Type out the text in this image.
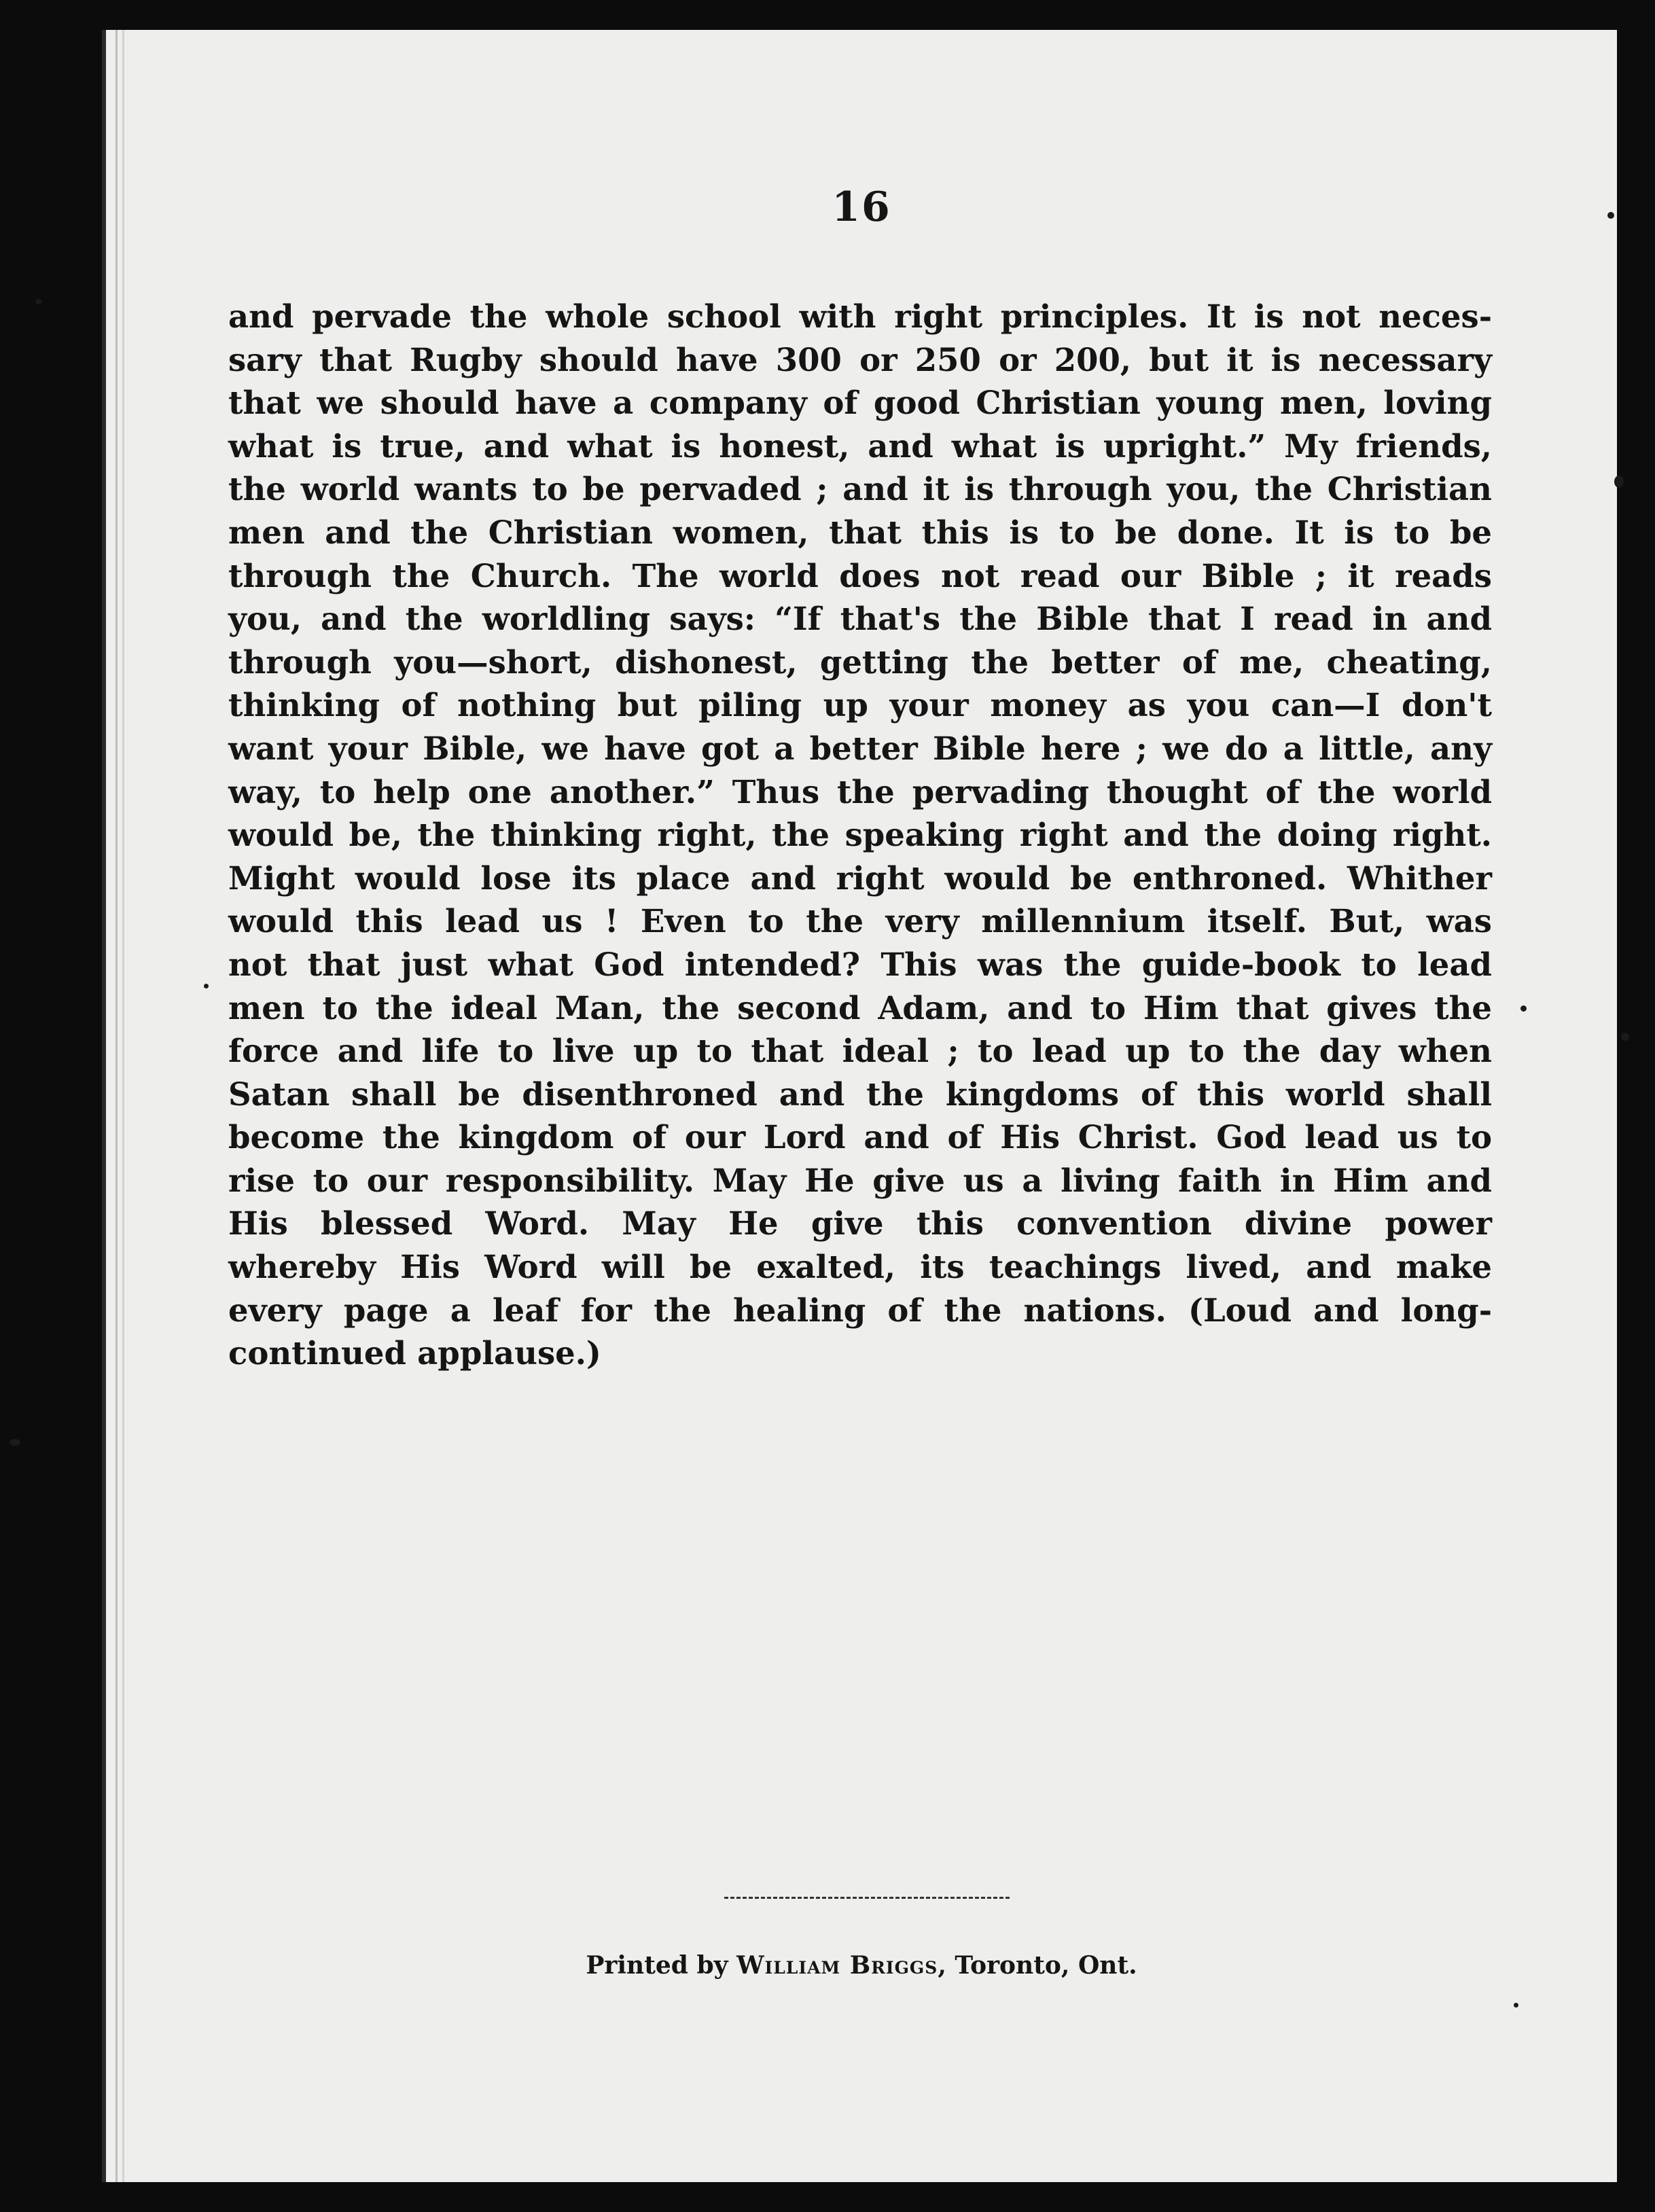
16
and pervade the whole school with right principles. It is not neces-
sary that Rugby should have 300 or 250 or 200, but it is necessary
that we should have a company of good Christian young men, loving
what is true, and what is honest, and what is upright.” My friends,
the world wants to be pervaded ; and it is through you, the Christian
men and the Christian women, that this is to be done. It is to be
through the Church. The world does not read our Bible ; it reads
you, and the worldling says: “If that's the Bible that I read in and
through you—short, dishonest, getting the better of me, cheating,
thinking of nothing but piling up your money as you can—I don't
want your Bible, we have got a better Bible here ; we do a little, any
way, to help one another.” Thus the pervading thought of the world
would be, the thinking right, the speaking right and the doing right.
Might would lose its place and right would be enthroned. Whither
would this lead us ! Even to the very millennium itself. But, was
not that just what God intended? This was the guide-book to lead
men to the ideal Man, the second Adam, and to Him that gives the
force and life to live up to that ideal ; to lead up to the day when
Satan shall be disenthroned and the kingdoms of this world shall
become the kingdom of our Lord and of His Christ. God lead us to
rise to our responsibility. May He give us a living faith in Him and
His blessed Word. May He give this convention divine power
whereby His Word will be exalted, its teachings lived, and make
every page a leaf for the healing of the nations. (Loud and long-
continued applause.)
Printed by William Briggs, Toronto, Ont.
